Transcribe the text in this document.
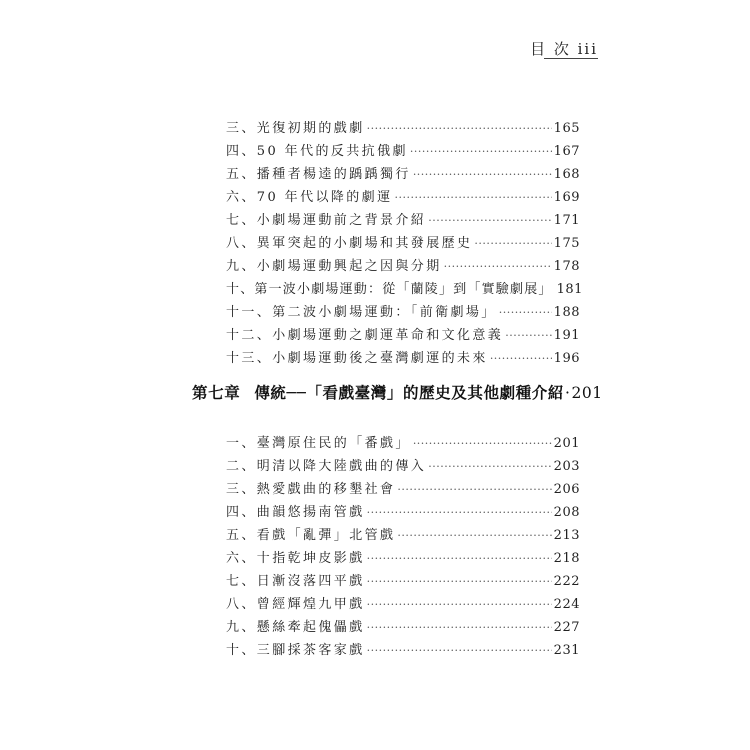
目 次 iii
三、光復初期的戲劇 ·····	165
四、50 年代的反共抗俄劇 ·····	167
五、播種者楊逵的踽踽獨行 ·····	168
六、70 年代以降的劇運 ·····	169
七、小劇場運動前之背景介紹 ·····	171
八、異軍突起的小劇場和其發展歷史 ·····	175
九、小劇場運動興起之因與分期 ·····	178
十、第一波小劇場運動：從「蘭陵」到「實驗劇展」 181
十一、第二波小劇場運動：「前衛劇場」 ·····	188
十二、小劇場運動之劇運革命和文化意義 ·····	191
十三、小劇場運動後之臺灣劇運的未來 ·····	196
第七章 傳統──「看戲臺灣」的歷史及其他劇種介紹 · 201
一、臺灣原住民的「番戲」 ·····	201
二、明清以降大陸戲曲的傳入 ·····	203
三、熱愛戲曲的移墾社會 ·····	206
四、曲韻悠揚南管戲 ·····	208
五、看戲「亂彈」北管戲 ·····	213
六、十指乾坤皮影戲 ·····	218
七、日漸沒落四平戲 ·····	222
八、曾經輝煌九甲戲 ·····	224
九、懸絲牽起傀儡戲 ·····	227
十、三腳採茶客家戲 ·····	231
